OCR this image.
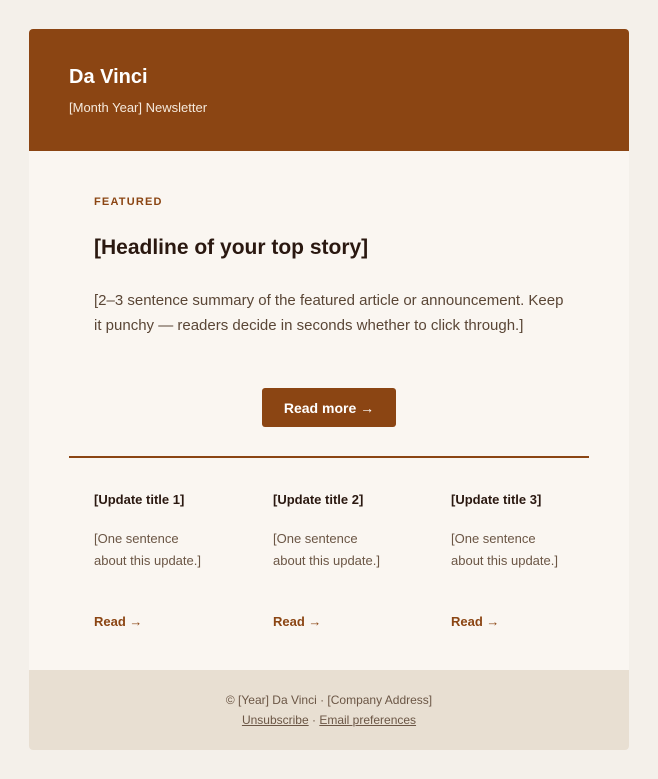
Da Vinci
[Month Year] Newsletter
FEATURED
[Headline of your top story]

[2–3 sentence summary of the featured article or announcement. Keep it punchy — readers decide in seconds whether to click through.]

Read more →
[Update title 1]
[One sentence about this update.]
Read →
[Update title 2]
[One sentence about this update.]
Read →
[Update title 3]
[One sentence about this update.]
Read →
© [Year] Da Vinci · [Company Address]
Unsubscribe · Email preferences
